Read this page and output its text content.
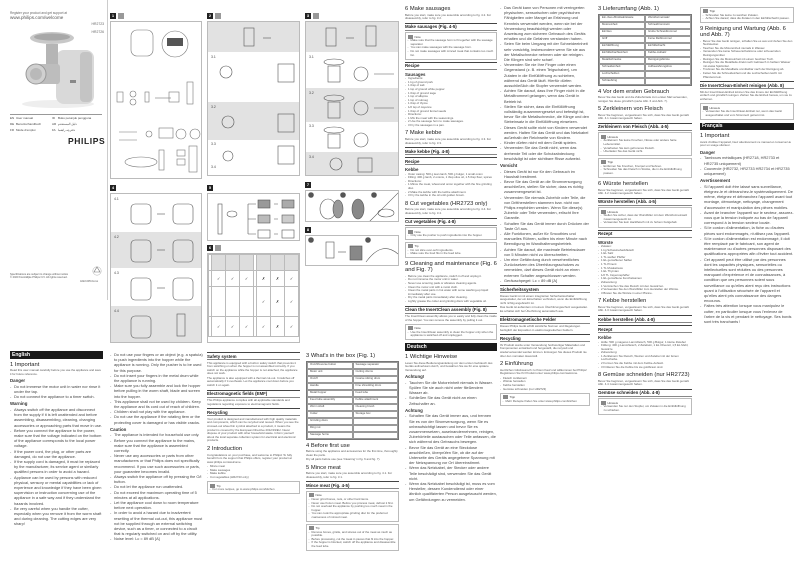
Register your product and get support at
www.philips.com/welcome
HR2723
HR2726
EN User manual	ID	Buku petunjuk pengguna
DE Benutzerhandbuch	AR دليل المستخدم
FR Mode d'emploi	FA دفترچه راهنما
PHILIPS
Specifications are subject to change without notice © 2020 Koninklijke Philips N.V. All rights reserved.
4222.005.0xxxx
1	2
3.1
3.2
3.3
3.4
3
3.1
3.2
3.3
3.4
4
4.1
4.2
4.3
4.4
5
6

	✓	✓	✓		✗	✗	✓
					✓	✗	✓
	✓	✓	✓		✓	✗	✓
7
8
English
1 Important
Read this user manual carefully before you use the appliance and save it for future reference.
Danger
- Do not immerse the motor unit in water nor rinse it under the tap.
- Do not connect the appliance to a timer switch.
Warning
- Always switch off the appliance and disconnect from the supply if it is left unattended and before assembling, disassembling, cleaning, changing accessories or approaching parts that move in use.
- Before you connect the appliance to the power, make sure that the voltage indicated on the bottom of the appliance corresponds to the local power voltage.
- If the power cord, the plug, or other parts are damaged, do not use the appliance.
- If the supply cord is damaged, it must be replaced by the manufacturer, its service agent or similarly qualified persons in order to avoid a hazard.
- Appliance can be used by persons with reduced physical, sensory or mental capabilities or lack of experience and knowledge if they have been given supervision or instruction concerning use of the appliance in a safe way and if they understand the hazards involved.
- Be very careful when you handle the cutter, especially when you remove it from the worm shaft and during cleaning. The cutting edges are very sharp!
- Do not use your fingers or an object (e.g. a spatula) to push ingredients into the hopper while the appliance is running. Only the pusher is to be used for this purpose.
- Do not insert your fingers in the metal drum while the appliance is running.
- Make sure you fully assemble and lock the hopper before pulling in the worm shaft, blade and screen into the hopper.
- This appliance shall not be used by children. Keep the appliance and its cord out of reach of children.
- Children shall not play with the appliance.
- Do not use the appliance if the rotating item or the protecting cover is damaged or has visible cracks.
Caution
- The appliance is intended for household use only.
- Before you connect the appliance to the mains, make sure that the appliance is assembled correctly.
- Never use any accessories or parts from other manufacturers or that Philips does not specifically recommend. If you use such accessories or parts, your guarantee becomes invalid.
- Always switch the appliance off by pressing the O/I button.
- Do not let the appliance run unattended.
- Do not exceed the maximum operating time of 5 minutes at all applications.
- Let the appliance cool down to room temperature before next operation.
- In order to avoid a hazard due to inadvertent resetting of the thermal cut-out, this appliance must not be supplied through an external switching device, such as a timer, or connected to a circuit that is regularly switched on and off by the utility.
- Noise level: Lc = 89 dB [A]
Safety system
This appliance is equipped with a built-in safety switch that prevents it from switching on when the hopper is not assembled correctly. If you switch on the appliance while the hopper is not attached, the appliance does not work.
The appliance is also equipped with a thermal cut-out. It switches off automatically if it overheats. Let the appliance cool down before you switch it on again.
Electromagnetic fields (EMF)
This Philips appliance complies with all applicable standards and regulations regarding exposure to electromagnetic fields.
Recycling
Your product is designed and manufactured with high quality materials and components, which can be recycled and reused. When you see the crossed-out wheel bin symbol attached to a product, it means the product is covered by the European Directive 2012/19/EU. Never dispose of your product with other household waste. Inform yourself about the local separate collection system for electrical and electronic products.
2 Introduction
Congratulations on your purchase, and welcome to Philips! To fully benefit from the support that Philips offers, register your product at www.philips.com/welcome.
- Mince meat
- Make sausages
- Make kebbe
- Cut vegetables (HR2723 only)
Tip
- For more recipes, go to www.philips.com/kitchen
3 What's in the box (Fig. 1)
On/off/reverse button	Sausage separator
Motor unit	Cutting drums
On/off	Coarse slicing drum
Handle	Fine shredding drum
Metal hopper	Feed tube
Feed tube assembly	Kebbe attachment
Worm shaft	Cleaning brush
Cutter	Storage box
Grinding discs
Ring nut
Sausage horns
4 Before first use
Before using the appliance and accessories for the first time, thoroughly clean the parts.
Dry all parts before use (see 'Cleaning' in fig. 6 and fig. 7).
5 Mince meat
Before you start, make sure you assemble according to fig. 4.1. For disassembly, refer to fig. 3.1.
Mince meat (Fig. 4-5)
Note
- Never grind bones, nuts, or other hard items.
- Never use frozen meat. Before you process meat, defrost it first.
- Do not overload the appliance by pushing too much meat in the hopper.
- You can cook the appropriate grinding disc for the preferred coarseness of minced meat.
Tip
- Remove bones, gristle, and sinews out of the meat as much as possible.
- Before processing, cut the meat in pieces that fit into the hopper.
- If the hopper is blocked, switch off the appliance and disassemble the feed tube.
6 Make sausages
Before you start, make sure you assemble according to fig. 4.2. For disassembly, refer to fig. 3.2.
Make sausages (Fig. 4-5)
Note
- Make sure that the sausage horn is fit together with the sausage separator.
- You can make sausages with the sausage horn.
- Do not make sausages with minced meat that contains too much fat.
Recipe
Sausages
- Ingredients:
- 1 kg of ground pork
- 1 tbsp of salt
- 1 tsp of ground white pepper
- 1 tbsp of ground sage
- 1 tsp of allspice
- 1 tsp of nutmeg
- 1 tbsp of thyme
- 1/2 tsp of cayenne
- 1 tbsp of ground fennel seeds
- Directions:
- 1 Mix the meat with the seasonings.
- 2 Use the sausage horn to make sausages.
- 3 Fry the sausages in a pan.
7 Make kebbe
Before you start, make sure you assemble according to fig. 4.3. For disassembly, refer to fig. 3.3.
Make kebbe (Fig. 4-8)
Recipe
Kebbe
- Outer casing: 500 g lean lamb, 500 g bulgur, 1 small onion
- Filling: 400 g lamb, 2 onions, 1 tbsp olive oil, 1.5 tbsp flour, spices
- Directions:
- 1 Mince the meat, wheat and onion together with the fine grinding disc.
- 2 Make the kebbe with the kebbe attachment.
- 3 Fry the kebbe in the oil until golden brown.
8 Cut vegetables (HR2723 only)
Before you start, make sure you assemble according to fig. 4.4. For disassembly, refer to fig. 3.4.
Cut vegetables (Fig. 4-8)
Note
- Only use the pusher to push ingredients into the hopper.
Tip
- Do not slice over-soft ingredients.
- Make sure the food fits in the feed tube.
9 Cleaning and maintenance (Fig. 6 and Fig. 7)
- Before you clean the appliance, switch it off and unplug it.
- Do not immerse the motor unit in water.
- Never use scouring pads or abrasive cleaning agents.
- Clean the motor unit with a moist cloth.
- Clean the metal parts in hot water with some washing-up liquid immediately after use.
- Dry the metal parts immediately after cleaning.
- Lightly grease the cutter and grinding discs with vegetable oil.
Clean the InsertClean assembly (Fig. 8)
The InsertClean assembly allows you to easily and fully clean the inside of the hopper. You can remove the assembly by pulling it out.
Note
- Use the InsertClean assembly to clean the hopper only when the appliance is switched off and unplugged.
Deutsch
1 Wichtige Hinweise
Lesen Sie diese Bedienungsanleitung vor dem ersten Gebrauch des Geräts aufmerksam durch, und bewahren Sie sie für eine spätere Verwendung auf.
Achtung!
- Tauchen Sie die Motoreinheit niemals in Wasser. Spülen Sie sie auch nicht unter fließendem Wasser ab.
- Schließen Sie das Gerät nicht an einen Zeitschalter an.
Achtung
- Schalten Sie das Gerät immer aus, und trennen Sie es von der Stromversorgung, wenn Sie es unbeaufsichtigt lassen und bevor Sie es zusammensetzen, auseinandernehmen, reinigen, Zubehörteile austauschen oder Teile anfassen, die sich während des Gebrauchs bewegen.
- Bevor Sie das Gerät an eine Steckdose anschließen, überprüfen Sie, ob die auf der Unterseite des Geräts angegebene Spannung mit der Netzspannung vor Ort übereinstimmt.
- Wenn das Netzkabel, der Stecker oder andere Teile beschädigt sind, verwenden Sie das Gerät nicht.
- Wenn das Netzkabel beschädigt ist, muss es vom Hersteller, dessen Kundendienst oder einer ähnlich qualifizierten Person ausgetauscht werden, um Gefährdungen zu vermeiden.
- Das Gerät kann von Personen mit verringerten physischen, sensorischen oder psychischen Fähigkeiten oder Mangel an Erfahrung und Kenntnis verwendet werden, wenn sie bei der Verwendung beaufsichtigt werden oder Anweisung zum sicheren Gebrauch des Geräts erhalten und die Gefahren verstanden haben.
- Seien Sie beim Umgang mit der Schneideeinheit sehr vorsichtig, insbesondere wenn Sie sie aus der Metallschnecke nehmen oder sie reinigen. Die Klingen sind sehr scharf.
- Verwenden Sie nie Ihre Finger oder einen Gegenstand (z. B. einen Teigschaber), um Zutaten in die Einfüllöffnung zu schieben, während das Gerät läuft. Hierfür dürfen ausschließlich die Stopfer verwendet werden.
- Achten Sie darauf, dass Ihre Finger nicht in die Metalltrommel gelangen, wenn das Gerät in Betrieb ist.
- Stellen Sie sicher, dass die Einfüllöffnung vollständig zusammengesetzt und befestigt ist, bevor Sie die Metallschnecke, die Klinge und den Siebeinsatz in die Einfüllöffnung einsetzen.
- Dieses Gerät sollte nicht von Kindern verwendet werden. Halten Sie das Gerät und das Netzkabel außerhalb der Reichweite von Kindern.
- Kinder dürfen nicht mit dem Gerät spielen.
- Verwenden Sie das Gerät nicht, wenn das drehende Teil oder die Schutzabdeckung beschädigt ist oder sichtbare Risse aufweist.
Vorsicht
- Dieses Gerät ist nur für den Gebrauch im Haushalt bestimmt.
- Bevor Sie das Gerät an die Stromversorgung anschließen, stellen Sie sicher, dass es richtig zusammengesetzt ist.
- Verwenden Sie niemals Zubehör oder Teile, die von Drittherstellern stammen bzw. nicht von Philips empfohlen werden. Wenn Sie diese(s) Zubehör oder Teile verwenden, erlischt Ihre Garantie.
- Schalten Sie das Gerät immer durch Drücken der Taste O/I aus.
- Alle Funktionen, außer für Smoothies und manuelles Rühren, sollten bis einer Minute nach Beendigung im Wandhalterungsbetrieb.
- Achten Sie darauf, die maximale Betriebsdauer von 5 Minuten nicht zu überschreiten.
- Um eine Gefährdung durch versehentliches Zurücksetzen des Überhitzungsschutzes zu vermeiden, darf dieses Gerät nicht an einen externen Schalter angeschlossen werden.
- Geräuschpegel: Lc = 89 dB [A]
Sicherheitssystem
Dieses Gerät ist mit einem integrierten Sicherheitsschalter ausgestattet, der ein Einschalten verhindert, wenn die Einfüllöffnung nicht richtig angebracht ist.
Das Gerät ist außerdem mit einem Überhitzungsschutz ausgestattet. Es schaltet sich bei Überhitzung automatisch aus.
Elektromagnetische Felder
Dieses Philips Gerät erfüllt sämtliche Normen und Regelungen bezüglich der Exposition in elektromagnetischen Feldern.
Recycling
Ihr Produkt wurde unter Verwendung hochwertiger Materialien und Komponenten entwickelt und hergestellt, die recycelt und wiederverwendet werden können. Entsorgen Sie dieses Produkt nie über den normalen Hausmüll.
2 Einführung
Herzlichen Glückwunsch zu Ihrem Kauf und willkommen bei Philips! Registrieren Sie Ihr Produkt unter www.philips.com/welcome.
- Fleisch zerkleinern
- Würste herstellen
- Kebbe herstellen
- Gemüse schneiden (nur HR2723)
Tipp
- Mehr Rezepte finden Sie unter www.philips.com/kitchen
3 Lieferumfang (Abb. 1)
Ein-/Aus-/Rückwärtstaste	Wurstformeinsatz
Motoreinheit	Schneidtrommeln
Ein/Aus	Grobe Schneidtrommel
Griff	Feine Reibtrommel
Einfüllöffnung	Einfüllschacht
Einfüllschachteinheit	Kebbe-Aufsatz
Metallschnecke	Reinigungsbürste
Schneideinheit	Aufbewahrungsbox
Lochscheiben
Schraubring
4 Vor dem ersten Gebrauch
Bevor Sie das Gerät und die Zubehörteile zum ersten Mal verwenden, reinigen Sie diese gründlich (siehe Abb. 6 und Abb. 7).
5 Zerkleinern von Fleisch
Bevor Sie beginnen, vergewissern Sie sich, dass Sie das Gerät gemäß Abb. 4.1 zusammengesetzt haben.
Zerkleinern von Fleisch (Abb. 4-5)
Hinweis
- Zerkleinern Sie keine Knochen, Nüsse oder andere harte Lebensmittel.
- Verarbeiten Sie kein gefrorenes Fleisch.
- Überladen Sie das Gerät nicht.
Tipp
- Entfernen Sie Knochen, Knorpel und Sehnen.
- Schneiden Sie das Fleisch in Stücke, die in die Einfüllöffnung passen.
6 Würste herstellen
Bevor Sie beginnen, vergewissern Sie sich, dass Sie das Gerät gemäß Abb. 4.2 zusammengesetzt haben.
Würste herstellen (Abb. 4-5)
Hinweis
- Stellen Sie sicher, dass der Wurstfüller mit dem Wurstformeinsatz zusammengesetzt ist.
- Verwenden Sie kein Hackfleisch mit zu hohem Fettgehalt.
Rezept
Würste
- Zutaten:
- 1 kg Schweinehackfleisch
- 1 EL Salz
- 1 TL weißer Pfeffer
- 1 EL gemahlener Salbei
- 1 TL Piment
- 1 TL Muskatnuss
- 1 EL Thymian
- 1/2 TL Cayennepfeffer
- 1 EL gemahlene Fenchelsamen
- Zubereitung:
- 1 Vermischen Sie das Fleisch mit den Gewürzen.
- 2 Verwenden Sie den Wurstfüller zum Herstellen der Würste.
- 3 Braten Sie die Würste in einer Pfanne.
7 Kebbe herstellen
Bevor Sie beginnen, vergewissern Sie sich, dass Sie das Gerät gemäß Abb. 4.3 zusammengesetzt haben.
Kebbe herstellen (Abb. 4-8)
Rezept
Kebbe
- Hülle: 500 g mageres Lammfleisch, 500 g Bulgur, 1 kleine Zwiebel
- Füllung: 400 g Lammfleisch, 2 Zwiebeln, 1 EL Olivenöl, 1,5 EL Mehl, Gewürze
- Zubereitung:
- 1 Zerkleinern Sie Fleisch, Weizen und Zwiebel mit der feinen Lochscheibe.
- 2 Formen Sie die Kebbe mit dem Kebbe-Aufsatz.
- 3 Frittieren Sie die Kebbe bis sie goldbraun sind.
8 Gemüse schneiden (nur HR2723)
Bevor Sie beginnen, vergewissern Sie sich, dass Sie das Gerät gemäß Abb. 4.4 zusammengesetzt haben.
Gemüse schneiden (Abb. 4-8)
Hinweis
- Verwenden Sie nur den Stopfer, um Zutaten in die Einfüllöffnung zu schieben.
Tipp
- Schneiden Sie keine zu weichen Zutaten.
- Achten Sie darauf, dass die Zutaten in den Einfüllschacht passen.
9 Reinigung und Wartung (Abb. 6 und Abb. 7)
- Bevor Sie das Gerät reinigen, schalten Sie es aus und ziehen Sie den Netzstecker.
- Tauchen Sie die Motoreinheit niemals in Wasser.
- Verwenden Sie keine Scheuerschwämme oder scheuernden Reinigungsmittel.
- Reinigen Sie die Motoreinheit mit einem feuchten Tuch.
- Reinigen Sie die Metallteile direkt nach Gebrauch in heißem Wasser mit etwas Spülmittel.
- Trocknen Sie die Metallteile unmittelbar nach der Reinigung ab.
- Fetten Sie die Schneideinheit und die Lochscheiben leicht mit Pflanzenöl ein.
Die InsertClean-Einheit reinigen (Abb. 8)
Mit der InsertClean-Einheit können Sie das Innere der Einfüllöffnung einfach und gründlich reinigen. Ziehen Sie die Einheit heraus, um sie zu entfernen.
Hinweis
- Verwenden Sie die InsertClean-Einheit nur, wenn das Gerät ausgeschaltet und vom Stromnetz getrennt ist.
Français
1 Important
Avant d'utiliser l'appareil, lisez attentivement ce manuel et conservez-le pour un usage ultérieur.
Danger
- Tambours métalliques (HR2718, HR2733 et HR2735 uniquement)
- Couvercle (HR2732, HR2733 HR2734 et HR2735 uniquement)
Avertissement
- Si l'appareil doit être laissé sans surveillance, éteignez-le et débranchez-le systématiquement. De même, éteignez et débranchez l'appareil avant tout montage, démontage, nettoyage, changement d'accessoire et manipulation des pièces mobiles.
- Avant de brancher l'appareil sur le secteur, assurez-vous que la tension indiquée au bas de l'appareil correspond à la tension secteur locale.
- Si le cordon d'alimentation, la fiche ou d'autres pièces sont endommagés, n'utilisez pas l'appareil.
- Si le cordon d'alimentation est endommagé, il doit être remplacé par le fabricant, son agent de maintenance ou d'autres personnes disposant des qualifications appropriées afin d'éviter tout accident.
- Cet appareil peut être utilisé par des personnes dont les capacités physiques, sensorielles ou intellectuelles sont réduites ou des personnes manquant d'expérience et de connaissances, à condition que ces personnes soient sous surveillance ou qu'elles aient reçu des instructions quant à l'utilisation sécurisée de l'appareil et qu'elles aient pris connaissance des dangers encourus.
- Faites très attention lorsque vous manipulez le cutter, en particulier lorsque vous l'enlevez de l'arbre de la vis et pendant le nettoyage. Ses bords sont très tranchants !
